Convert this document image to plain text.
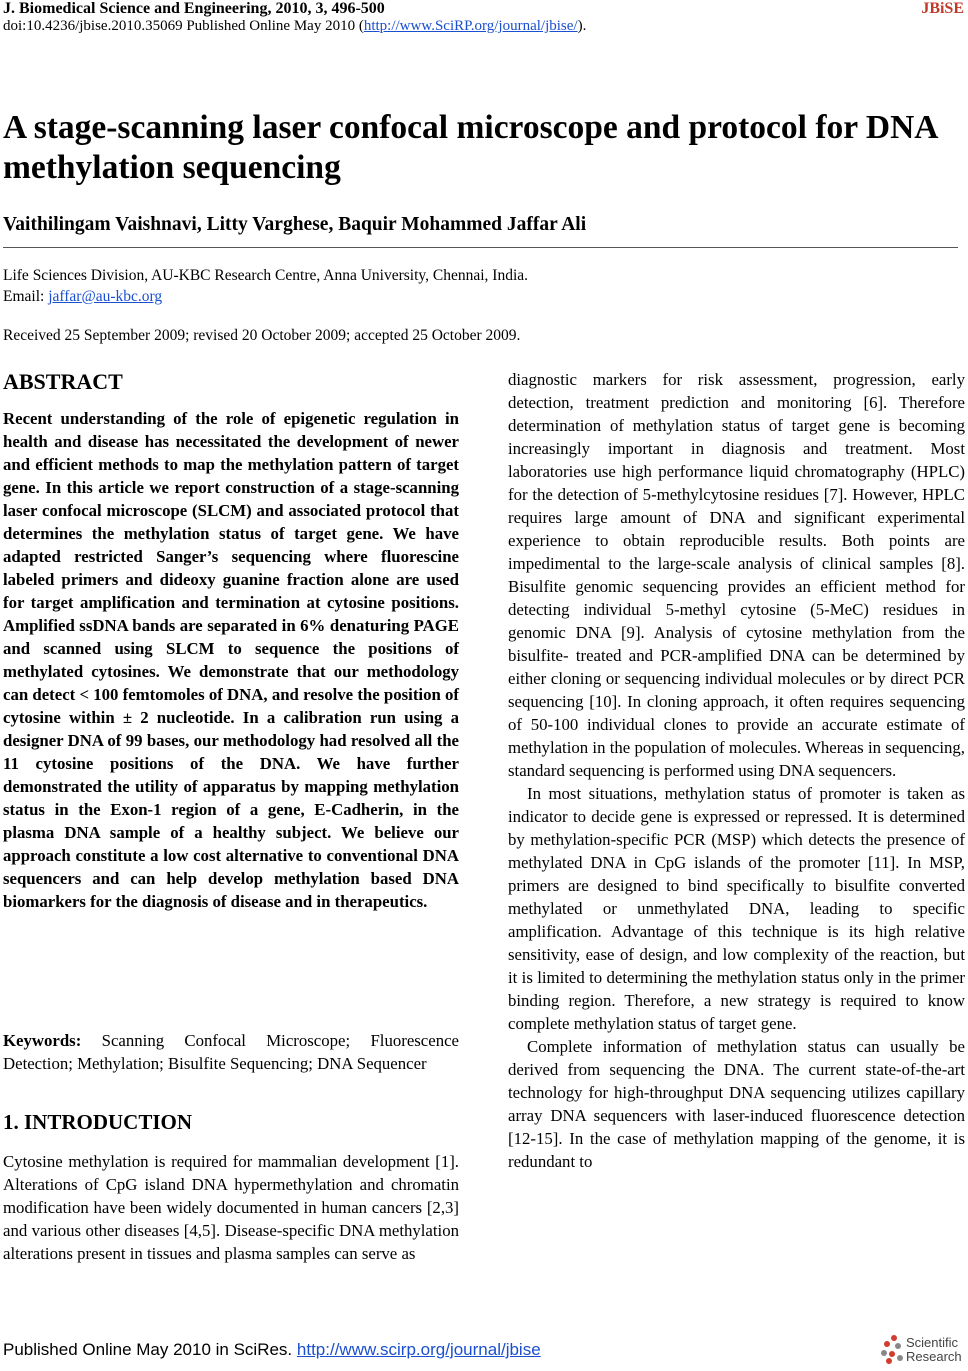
J. Biomedical Science and Engineering, 2010, 3, 496-500	JBiSE
doi:10.4236/jbise.2010.35069 Published Online May 2010 (http://www.SciRP.org/journal/jbise/).
A stage-scanning laser confocal microscope and protocol for DNA methylation sequencing
Vaithilingam Vaishnavi, Litty Varghese, Baquir Mohammed Jaffar Ali
Life Sciences Division, AU-KBC Research Centre, Anna University, Chennai, India.
Email: jaffar@au-kbc.org
Received 25 September 2009; revised 20 October 2009; accepted 25 October 2009.
ABSTRACT

Recent understanding of the role of epigenetic regulation in health and disease has necessitated the development of newer and efficient methods to map the methylation pattern of target gene. In this article we report construction of a stage-scanning laser confocal microscope (SLCM) and associated protocol that determines the methylation status of target gene. We have adapted restricted Sanger’s sequencing where fluorescine labeled primers and dideoxy guanine fraction alone are used for target amplification and termination at cytosine positions. Amplified ssDNA bands are separated in 6% denaturing PAGE and scanned using SLCM to sequence the positions of methylated cytosines. We demonstrate that our methodology can detect < 100 femtomoles of DNA, and resolve the position of cytosine within ± 2 nucleotide. In a calibration run using a designer DNA of 99 bases, our methodology had resolved all the 11 cytosine positions of the DNA. We have further demonstrated the utility of apparatus by mapping methylation status in the Exon-1 region of a gene, E-Cadherin, in the plasma DNA sample of a healthy subject. We believe our approach constitute a low cost alternative to conventional DNA sequencers and can help develop methylation based DNA biomarkers for the diagnosis of disease and in therapeutics.

Keywords: Scanning Confocal Microscope; Fluorescence Detection; Methylation; Bisulfite Sequencing; DNA Sequencer
1. INTRODUCTION

Cytosine methylation is required for mammalian development [1]. Alterations of CpG island DNA hypermethylation and chromatin modification have been widely documented in human cancers [2,3] and various other diseases [4,5]. Disease-specific DNA methylation alterations present in tissues and plasma samples can serve as

diagnostic markers for risk assessment, progression, early detection, treatment prediction and monitoring [6]. Therefore determination of methylation status of target gene is becoming increasingly important in diagnosis and treatment. Most laboratories use high performance liquid chromatography (HPLC) for the detection of 5-methylcytosine residues [7]. However, HPLC requires large amount of DNA and significant experimental experience to obtain reproducible results. Both points are impedimental to the large-scale analysis of clinical samples [8]. Bisulfite genomic sequencing provides an efficient method for detecting individual 5-methyl cytosine (5-MeC) residues in genomic DNA [9]. Analysis of cytosine methylation from the bisulfite- treated and PCR-amplified DNA can be determined by either cloning or sequencing individual molecules or by direct PCR sequencing [10]. In cloning approach, it often requires sequencing of 50-100 individual clones to provide an accurate estimate of methylation in the population of molecules. Whereas in sequencing, standard sequencing is performed using DNA sequencers.

In most situations, methylation status of promoter is taken as indicator to decide gene is expressed or repressed. It is determined by methylation-specific PCR (MSP) which detects the presence of methylated DNA in CpG islands of the promoter [11]. In MSP, primers are designed to bind specifically to bisulfite converted methylated or unmethylated DNA, leading to specific amplification. Advantage of this technique is its high relative sensitivity, ease of design, and low complexity of the reaction, but it is limited to determining the methylation status only in the primer binding region. Therefore, a new strategy is required to know complete methylation status of target gene.

Complete information of methylation status can usually be derived from sequencing the DNA. The current state-of-the-art technology for high-throughput DNA sequencing utilizes capillary array DNA sequencers with laser-induced fluorescence detection [12-15]. In the case of methylation mapping of the genome, it is redundant to

Published Online May 2010 in SciRes. http://www.scirp.org/journal/jbise	Scientific
Research
